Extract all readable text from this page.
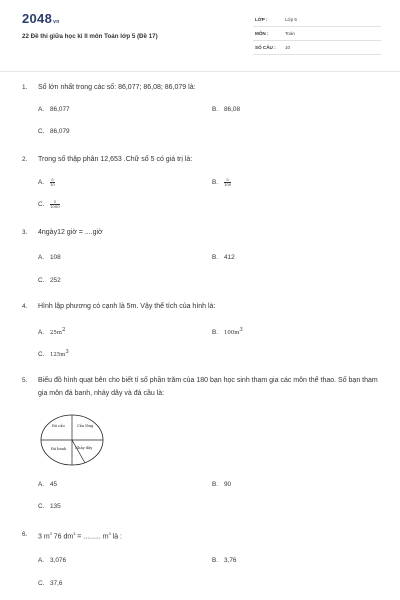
2048vn
22 Đề thi giữa học kì II môn Toán lớp 5 (Đề 17)
LỚP :	Lớp 5
MÔN :	Toán
SỐ CÂU : 10
1. Số lớn nhất trong các số: 86,077; 86,08; 86,079 là:
A. 86,077	B. 86,08
C. 86,079
2. Trong số thập phân 12,653 .Chữ số 5 có giá trị là:
A. $\frac{5}{10}$	B. $\frac{5}{100}$
C. $\frac{5}{1000}$
3. 4ngày12 giờ = ....giờ
A. 108	B. 412
C. 252
4. Hình lập phương có cạnh là 5m. Vậy thể tích của hình là:
A. $25m^2$	B. $100m^3$
C. $125m^3$
5. Biểu đồ hình quạt bên cho biết tỉ số phần trăm của 180 bạn học sinh tham gia các môn thể thao. Số bạn tham gia môn đá banh, nhảy dây và đá cầu là:
Đá cầu	Cầu lông
Đá banh Nhảy dây
A. 45	B. 90
C. 135
6. 3 $m^3$ 76 $dm^3$ = ......... $m^3$ là :
A. 3,076	B. 3,76
C. 37,6
